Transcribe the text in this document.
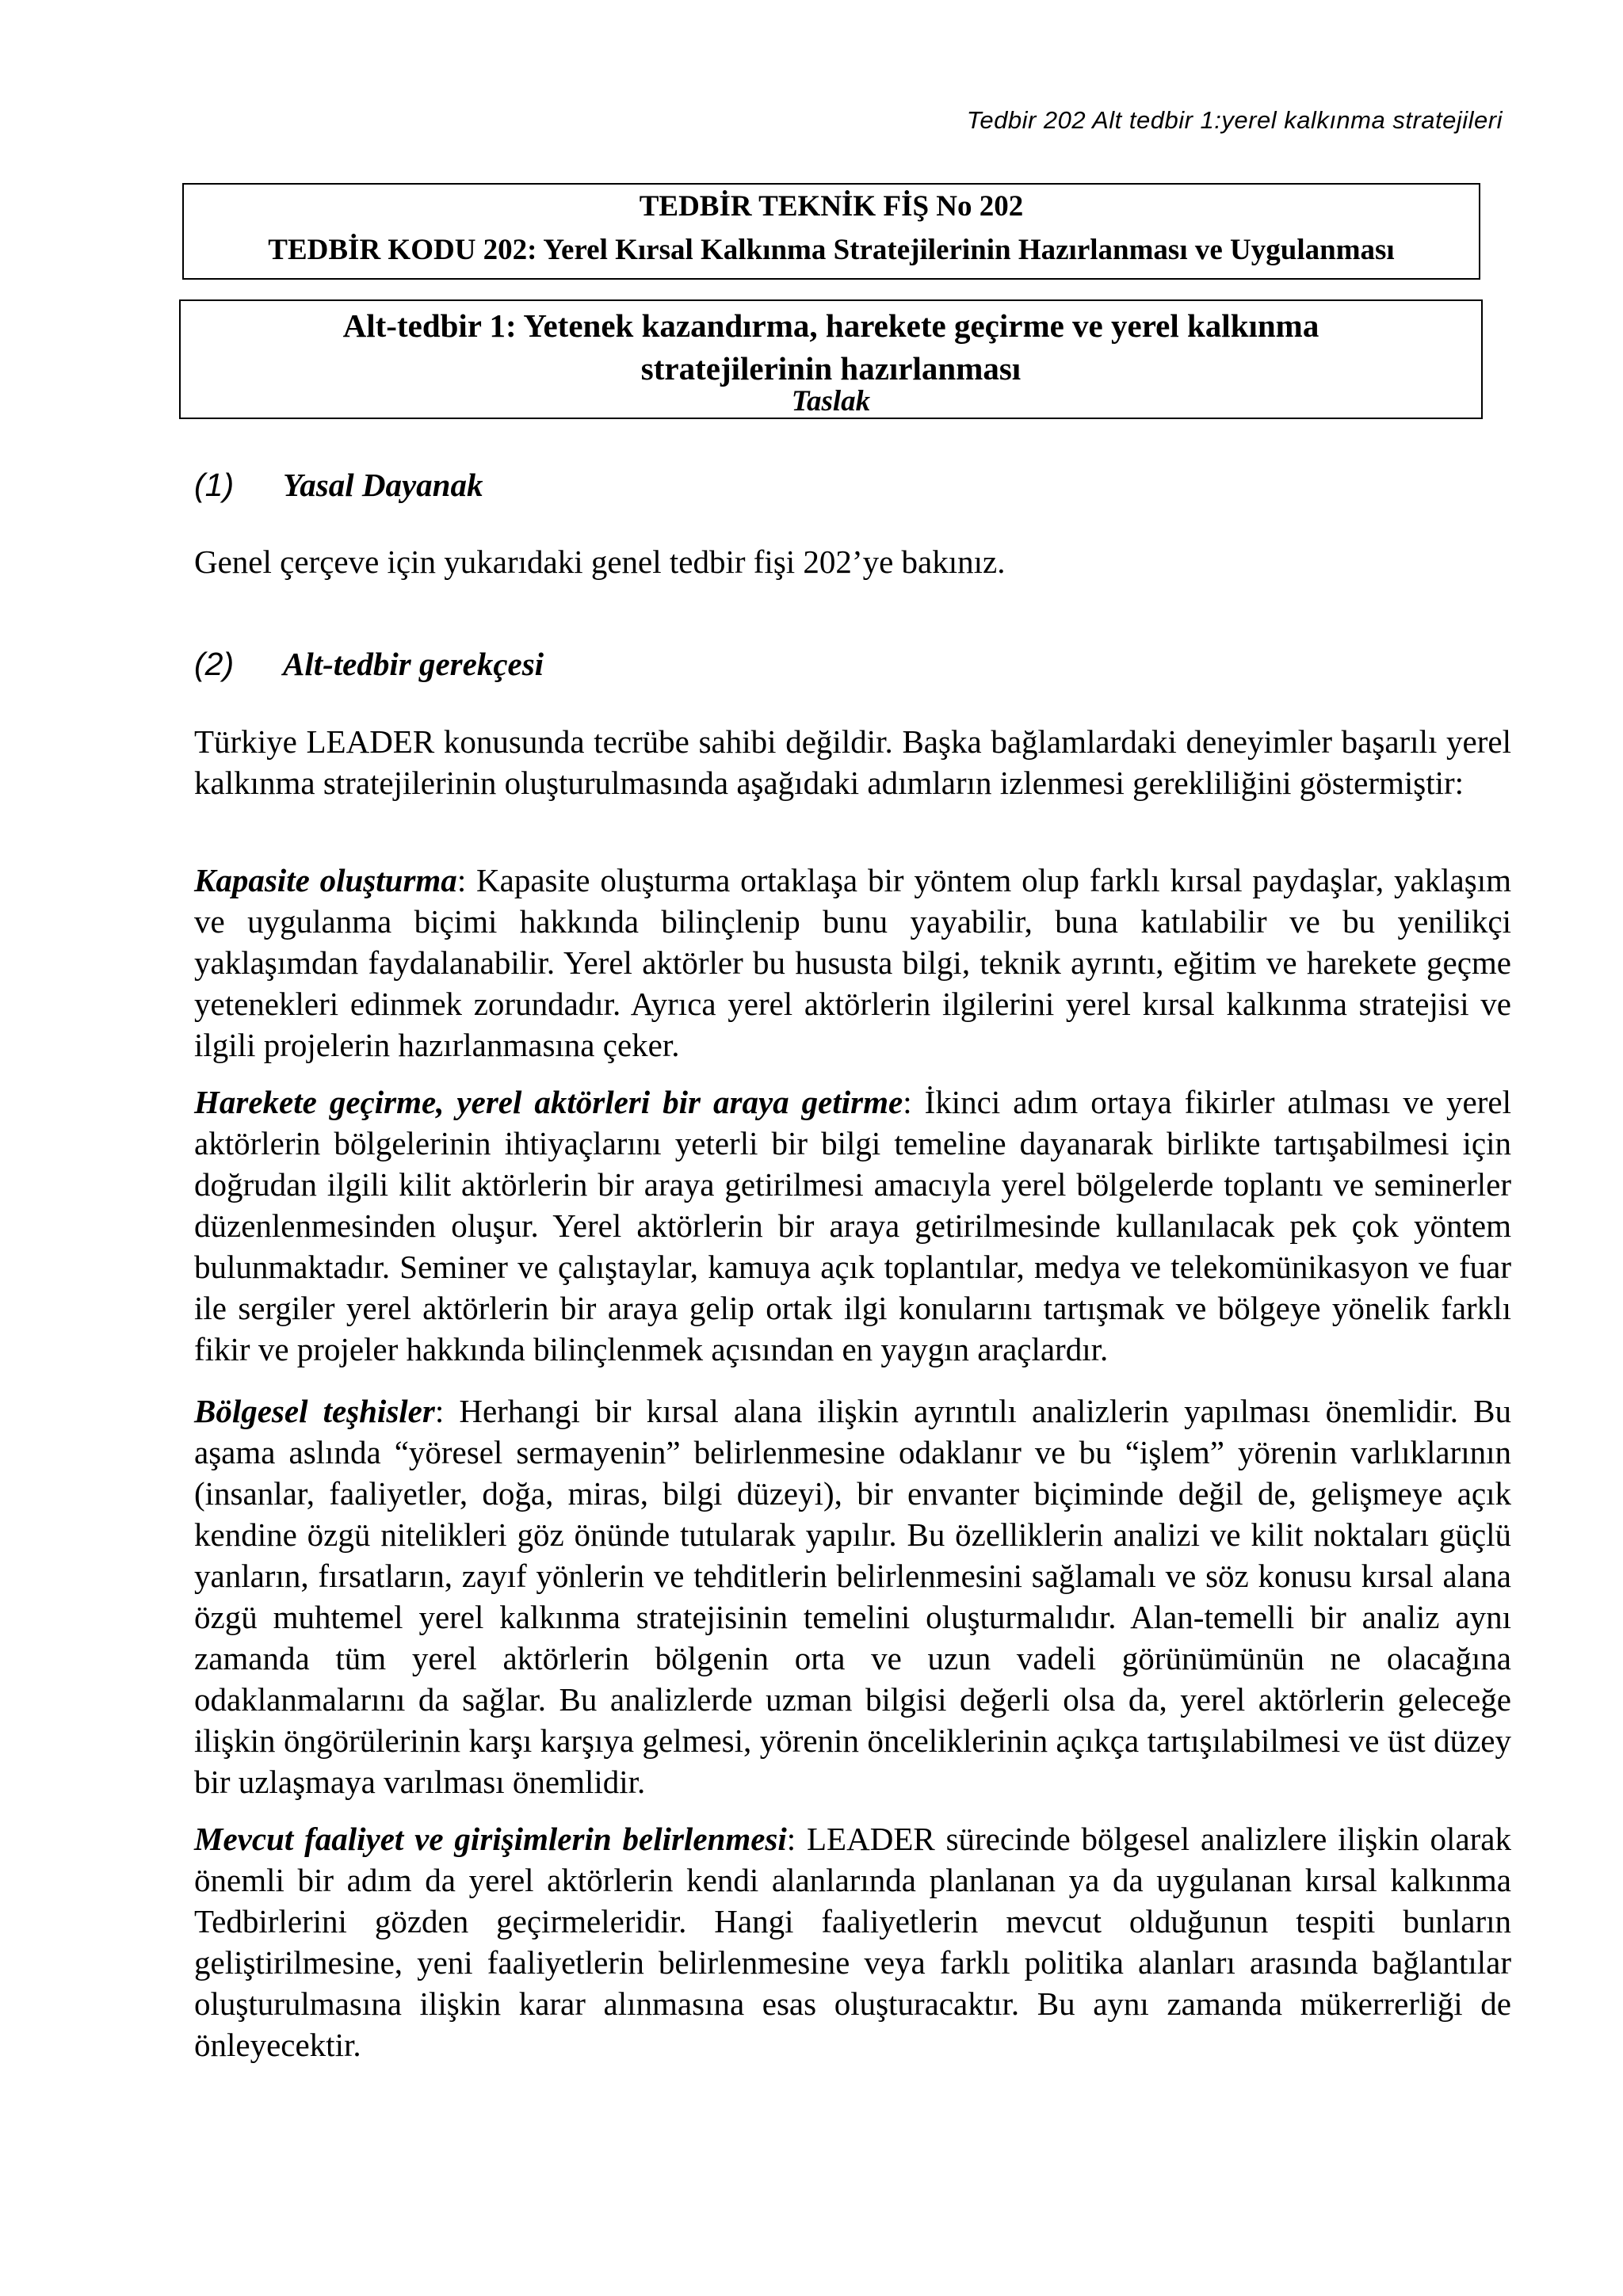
Tedbir 202 Alt tedbir 1:yerel kalkınma stratejileri
TEDBİR TEKNİK FİŞ No 202
TEDBİR KODU 202: Yerel Kırsal Kalkınma Stratejilerinin Hazırlanması ve Uygulanması
Alt-tedbir 1: Yetenek kazandırma, harekete geçirme ve yerel kalkınma stratejilerinin hazırlanması
Taslak
(1) Yasal Dayanak

Genel çerçeve için yukarıdaki genel tedbir fişi 202’ye bakınız.

(2) Alt-tedbir gerekçesi

Türkiye LEADER konusunda tecrübe sahibi değildir. Başka bağlamlardaki deneyimler başarılı yerel kalkınma stratejilerinin oluşturulmasında aşağıdaki adımların izlenmesi gerekliliğini göstermiştir:

Kapasite oluşturma: Kapasite oluşturma ortaklaşa bir yöntem olup farklı kırsal paydaşlar, yaklaşım ve uygulanma biçimi hakkında bilinçlenip bunu yayabilir, buna katılabilir ve bu yenilikçi yaklaşımdan faydalanabilir. Yerel aktörler bu hususta bilgi, teknik ayrıntı, eğitim ve harekete geçme yetenekleri edinmek zorundadır. Ayrıca yerel aktörlerin ilgilerini yerel kırsal kalkınma stratejisi ve ilgili projelerin hazırlanmasına çeker.

Harekete geçirme, yerel aktörleri bir araya getirme: İkinci adım ortaya fikirler atılması ve yerel aktörlerin bölgelerinin ihtiyaçlarını yeterli bir bilgi temeline dayanarak birlikte tartışabilmesi için doğrudan ilgili kilit aktörlerin bir araya getirilmesi amacıyla yerel bölgelerde toplantı ve seminerler düzenlenmesinden oluşur. Yerel aktörlerin bir araya getirilmesinde kullanılacak pek çok yöntem bulunmaktadır. Seminer ve çalıştaylar, kamuya açık toplantılar, medya ve telekomünikasyon ve fuar ile sergiler yerel aktörlerin bir araya gelip ortak ilgi konularını tartışmak ve bölgeye yönelik farklı fikir ve projeler hakkında bilinçlenmek açısından en yaygın araçlardır.

Bölgesel teşhisler: Herhangi bir kırsal alana ilişkin ayrıntılı analizlerin yapılması önemlidir. Bu aşama aslında “yöresel sermayenin” belirlenmesine odaklanır ve bu “işlem” yörenin varlıklarının (insanlar, faaliyetler, doğa, miras, bilgi düzeyi), bir envanter biçiminde değil de, gelişmeye açık kendine özgü nitelikleri göz önünde tutularak yapılır. Bu özelliklerin analizi ve kilit noktaları güçlü yanların, fırsatların, zayıf yönlerin ve tehditlerin belirlenmesini sağlamalı ve söz konusu kırsal alana özgü muhtemel yerel kalkınma stratejisinin temelini oluşturmalıdır. Alan-temelli bir analiz aynı zamanda tüm yerel aktörlerin bölgenin orta ve uzun vadeli görünümünün ne olacağına odaklanmalarını da sağlar. Bu analizlerde uzman bilgisi değerli olsa da, yerel aktörlerin geleceğe ilişkin öngörülerinin karşı karşıya gelmesi, yörenin önceliklerinin açıkça tartışılabilmesi ve üst düzey bir uzlaşmaya varılması önemlidir.

Mevcut faaliyet ve girişimlerin belirlenmesi: LEADER sürecinde bölgesel analizlere ilişkin olarak önemli bir adım da yerel aktörlerin kendi alanlarında planlanan ya da uygulanan kırsal kalkınma Tedbirlerini gözden geçirmeleridir. Hangi faaliyetlerin mevcut olduğunun tespiti bunların geliştirilmesine, yeni faaliyetlerin belirlenmesine veya farklı politika alanları arasında bağlantılar oluşturulmasına ilişkin karar alınmasına esas oluşturacaktır. Bu aynı zamanda mükerrerliği de önleyecektir.
